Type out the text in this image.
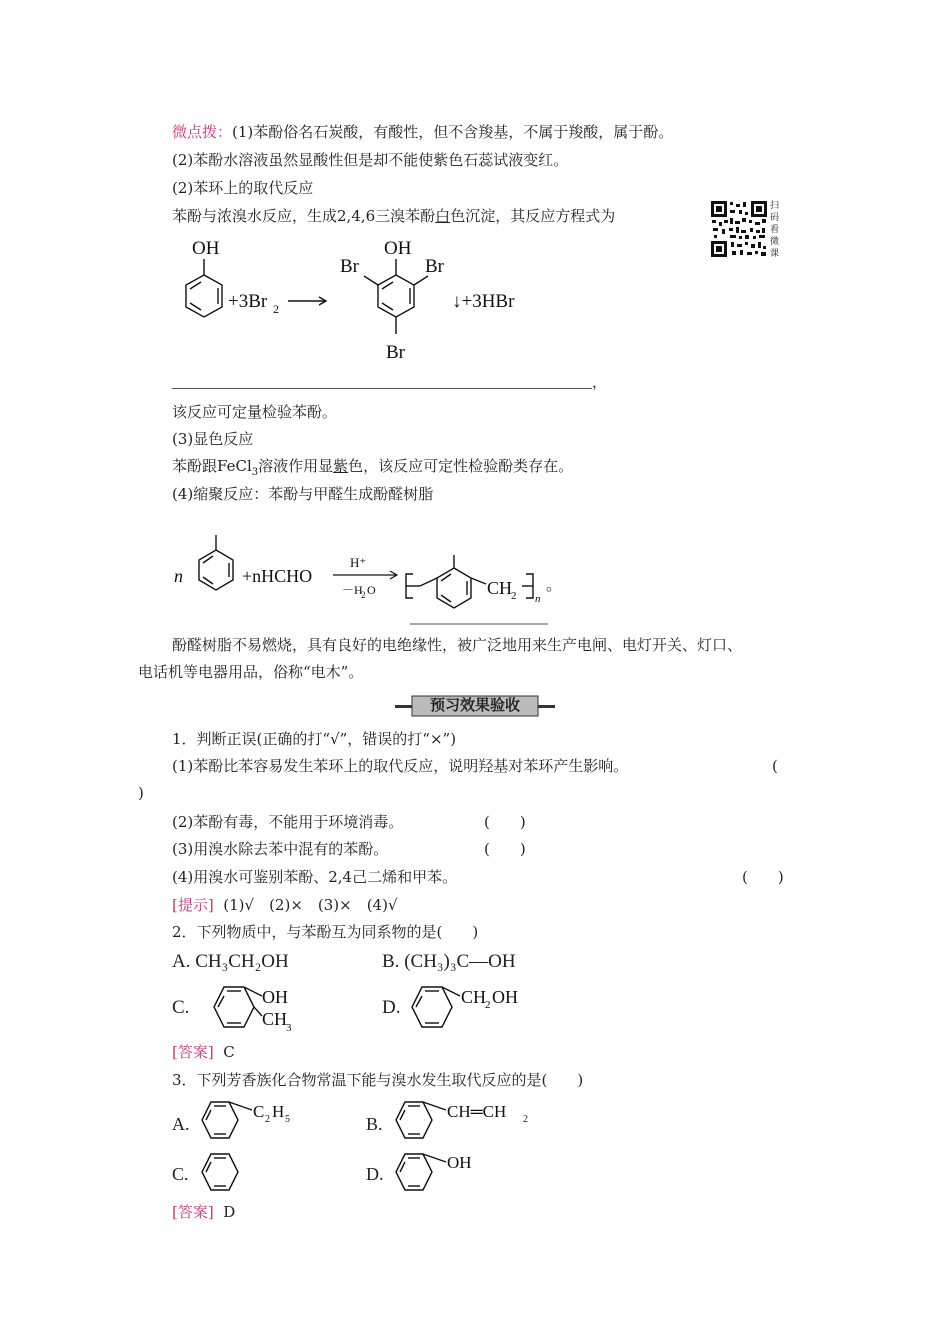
微点拨：(1)苯酚俗名石炭酸，有酸性，但不含羧基，不属于羧酸，属于酚。
(2)苯酚水溶液虽然显酸性但是却不能使紫色石蕊试液变红。
(2)苯环上的取代反应
苯酚与浓溴水反应，生成2,4,6三溴苯酚白色沉淀，其反应方程式为
扫码看微课
OH
+3Br 2
OH
Br	Br
Br
↓+3HBr
，
该反应可定量检验苯酚。
(3)显色反应
苯酚跟FeCl$_3$溶液作用显紫色，该反应可定性检验酚类存在。
(4)缩聚反应：苯酚与甲醛生成酚醛树脂
n	+nHCHO
H⁺
－H
2 O	CH
2 n
。
酚醛树脂不易燃烧，具有良好的电绝缘性，被广泛地用来生产电闸、电灯开关、灯口、
电话机等电器用品，俗称“电木”。
预习效果验收
1．判断正误(正确的打“√”，错误的打“×”)
(1)苯酚比苯容易发生苯环上的取代反应，说明羟基对苯环产生影响。	(
)
(2)苯酚有毒，不能用于环境消毒。	(　　)
(3)用溴水除去苯中混有的苯酚。	(　　)
(4)用溴水可鉴别苯酚、2,4己二烯和甲苯。	(　　)
[提示] (1)√　(2)×　(3)×　(4)√
2．下列物质中，与苯酚互为同系物的是(　　)
A. CH₃CH₂OH	B. (CH₃)₃C—OH
C.	OH
CH
3
D.	CH
2 OH
[答案] C
3．下列芳香族化合物常温下能与溴水发生取代反应的是(　　)
A.
C 2 H 5	B.
CH═CH 2
C.	D.
OH
[答案] D
